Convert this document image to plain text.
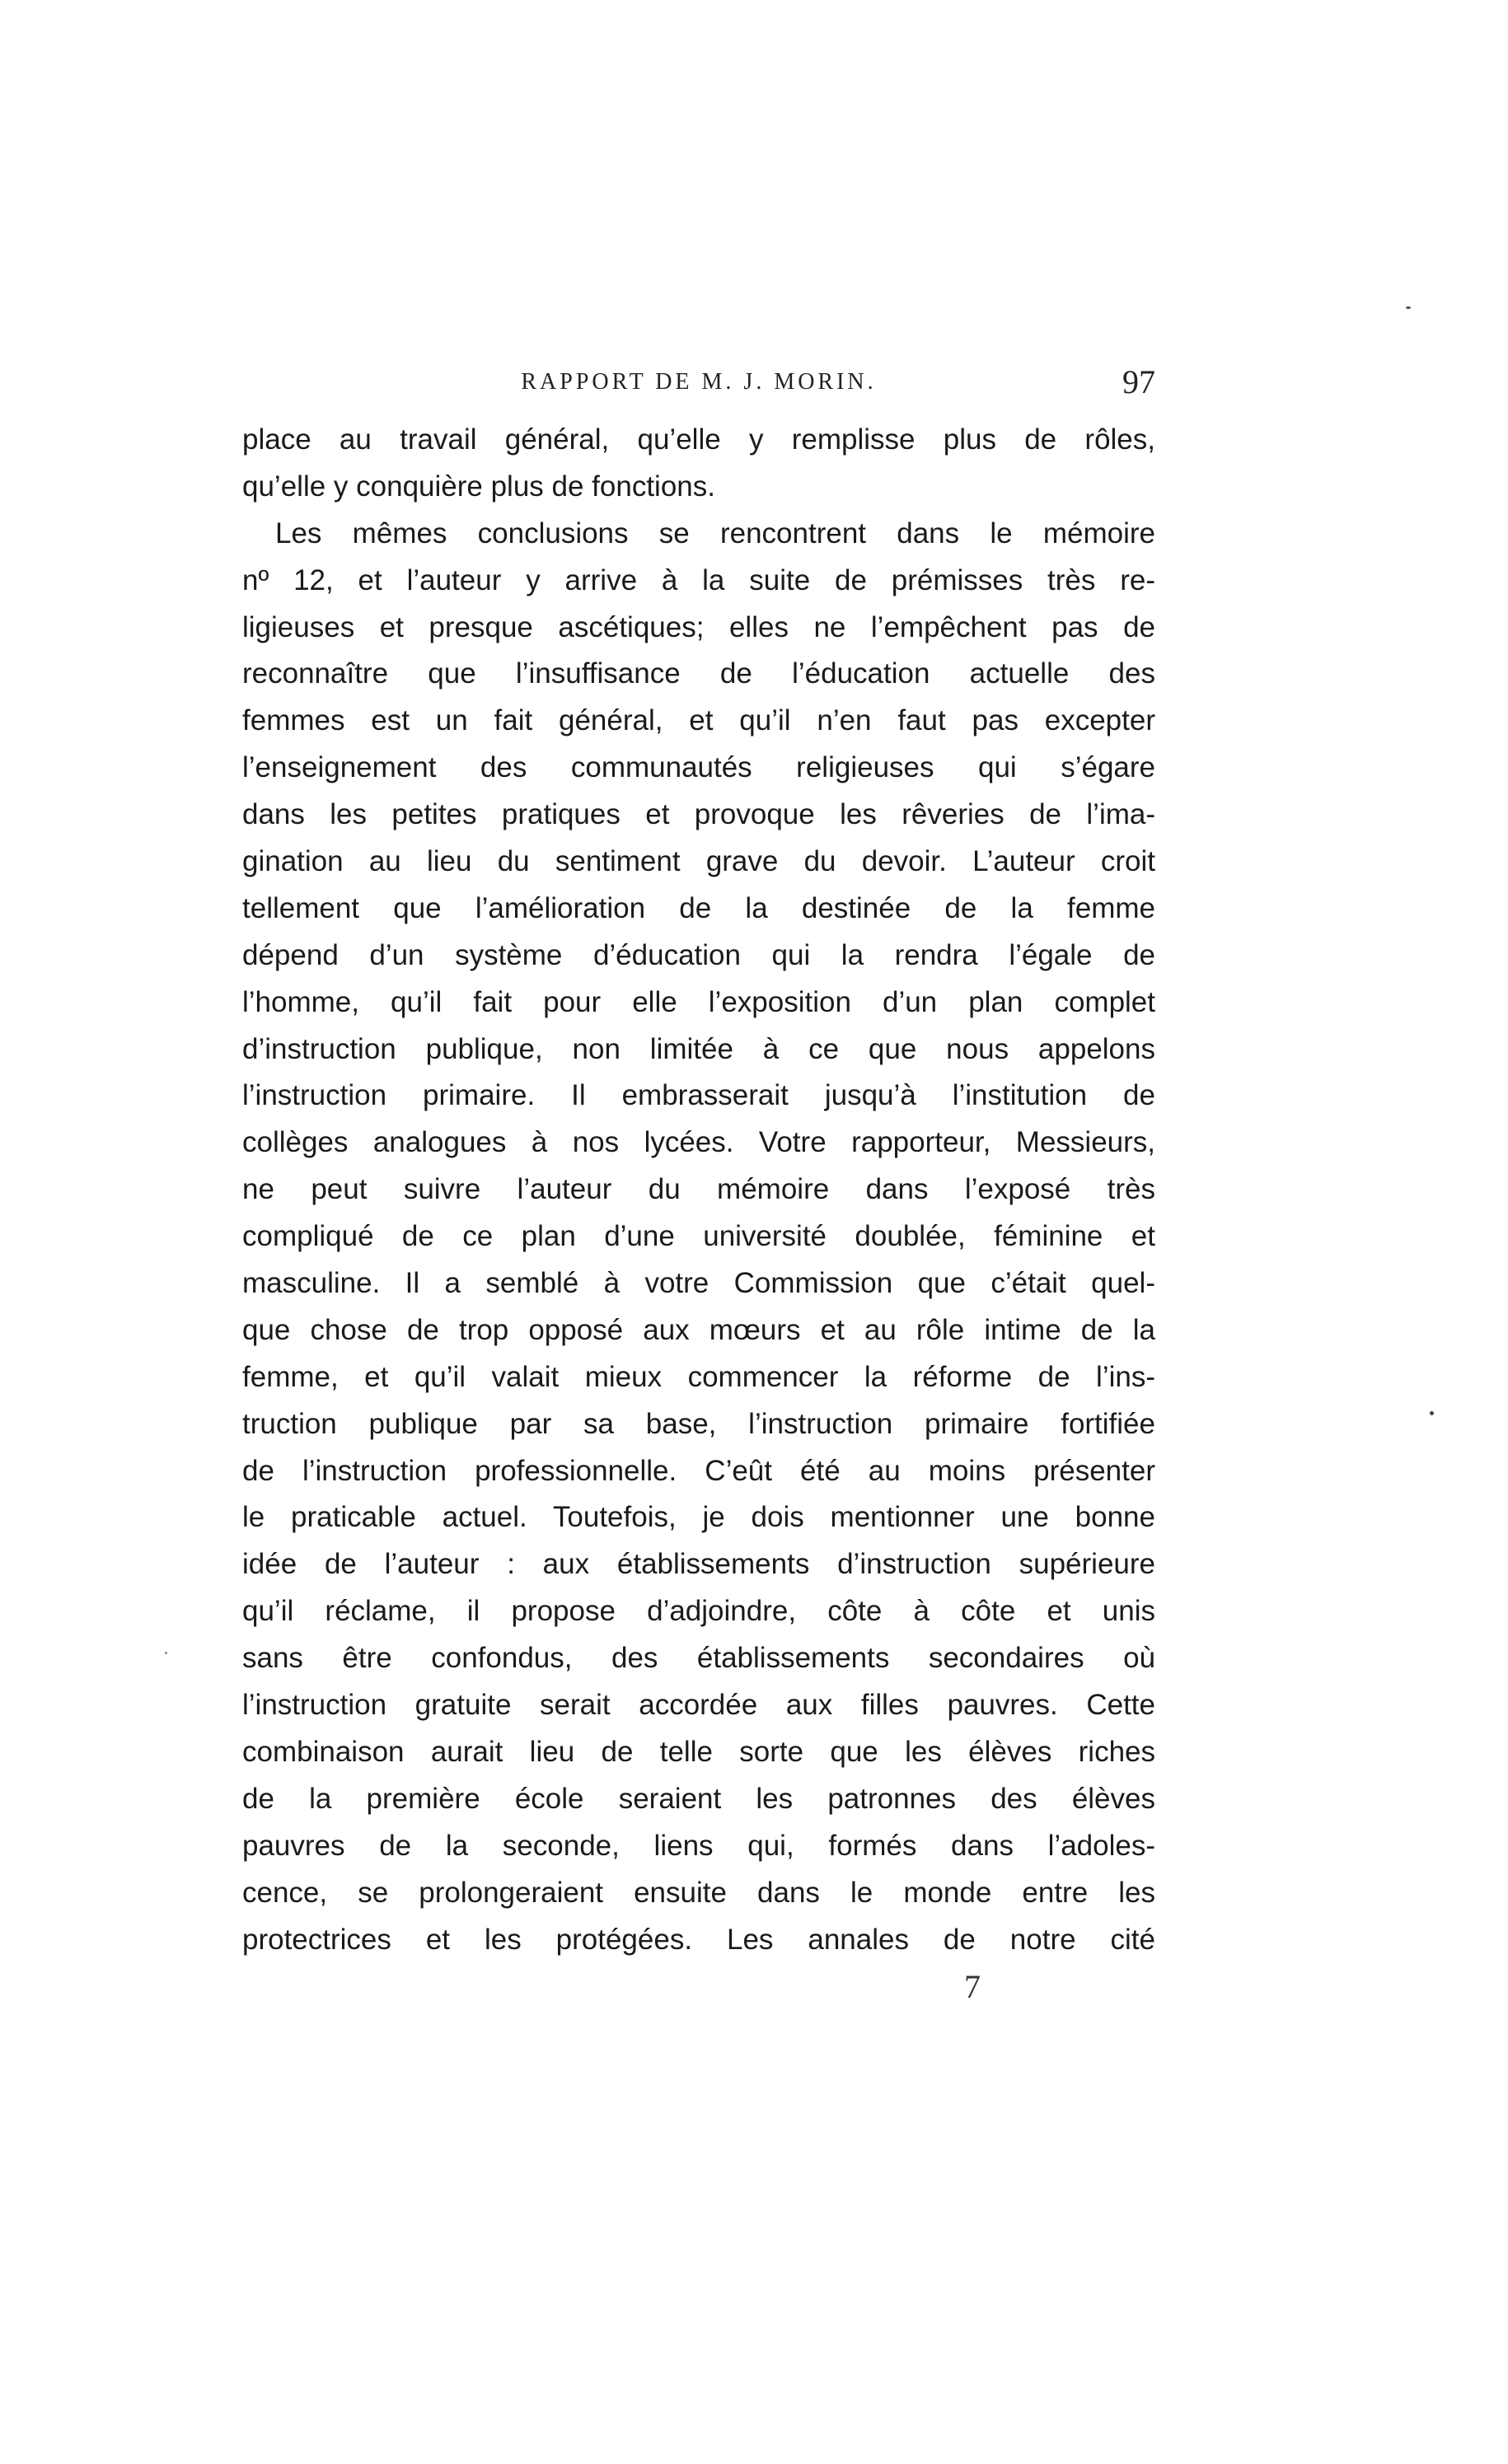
RAPPORT DE M. J. MORIN.	97
place au travail général, qu’elle y remplisse plus de rôles,
qu’elle y conquière plus de fonctions.
Les mêmes conclusions se rencontrent dans le mémoire
nº 12, et l’auteur y arrive à la suite de prémisses très re-
ligieuses et presque ascétiques; elles ne l’empêchent pas de
reconnaître que l’insuffisance de l’éducation actuelle des
femmes est un fait général, et qu’il n’en faut pas excepter
l’enseignement des communautés religieuses qui s’égare
dans les petites pratiques et provoque les rêveries de l’ima-
gination au lieu du sentiment grave du devoir. L’auteur croit
tellement que l’amélioration de la destinée de la femme
dépend d’un système d’éducation qui la rendra l’égale de
l’homme, qu’il fait pour elle l’exposition d’un plan complet
d’instruction publique, non limitée à ce que nous appelons
l’instruction primaire. Il embrasserait jusqu’à l’institution de
collèges analogues à nos lycées. Votre rapporteur, Messieurs,
ne peut suivre l’auteur du mémoire dans l’exposé très
compliqué de ce plan d’une université doublée, féminine et
masculine. Il a semblé à votre Commission que c’était quel-
que chose de trop opposé aux mœurs et au rôle intime de la
femme, et qu’il valait mieux commencer la réforme de l’ins-
truction publique par sa base, l’instruction primaire fortifiée
de l’instruction professionnelle. C’eût été au moins présenter
le praticable actuel. Toutefois, je dois mentionner une bonne
idée de l’auteur : aux établissements d’instruction supérieure
qu’il réclame, il propose d’adjoindre, côte à côte et unis
sans être confondus, des établissements secondaires où
l’instruction gratuite serait accordée aux filles pauvres. Cette
combinaison aurait lieu de telle sorte que les élèves riches
de la première école seraient les patronnes des élèves
pauvres de la seconde, liens qui, formés dans l’adoles-
cence, se prolongeraient ensuite dans le monde entre les
protectrices et les protégées. Les annales de notre cité
7
